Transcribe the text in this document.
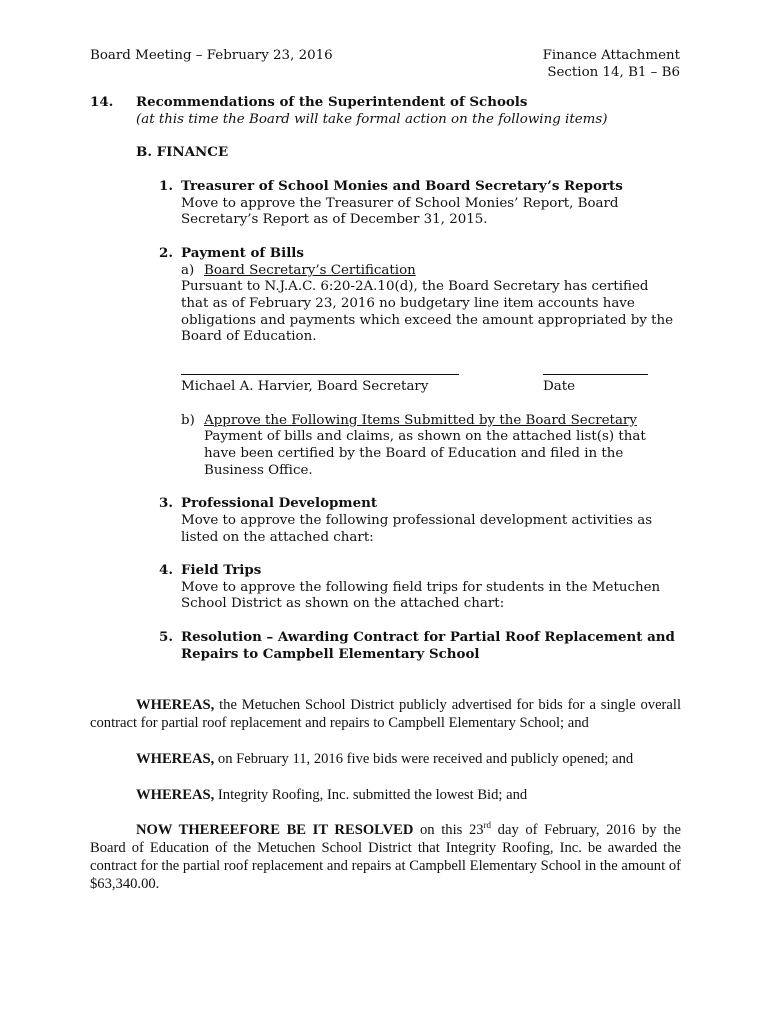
Board Meeting – February 23, 2016	Finance Attachment
Section 14, B1 – B6
14. Recommendations of the Superintendent of Schools
(at this time the Board will take formal action on the following items)
B. FINANCE
1. Treasurer of School Monies and Board Secretary’s Reports
Move to approve the Treasurer of School Monies’ Report, Board
Secretary’s Report as of December 31, 2015.
2. Payment of Bills
a) Board Secretary’s Certification
Pursuant to N.J.A.C. 6:20-2A.10(d), the Board Secretary has certified
that as of February 23, 2016 no budgetary line item accounts have
obligations and payments which exceed the amount appropriated by the
Board of Education.
Michael A. Harvier, Board Secretary	Date
b) Approve the Following Items Submitted by the Board Secretary
Payment of bills and claims, as shown on the attached list(s) that
have been certified by the Board of Education and filed in the
Business Office.
3. Professional Development
Move to approve the following professional development activities as
listed on the attached chart:
4. Field Trips
Move to approve the following field trips for students in the Metuchen
School District as shown on the attached chart:
5. Resolution – Awarding Contract for Partial Roof Replacement and
Repairs to Campbell Elementary School

WHEREAS, the Metuchen School District publicly advertised for bids for a single overall contract for partial roof replacement and repairs to Campbell Elementary School; and

WHEREAS, on February 11, 2016 five bids were received and publicly opened; and

WHEREAS, Integrity Roofing, Inc. submitted the lowest Bid; and

NOW THEREEFORE BE IT RESOLVED on this 23rd day of February, 2016 by the Board of Education of the Metuchen School District that Integrity Roofing, Inc. be awarded the contract for the partial roof replacement and repairs at Campbell Elementary School in the amount of $63,340.00.
